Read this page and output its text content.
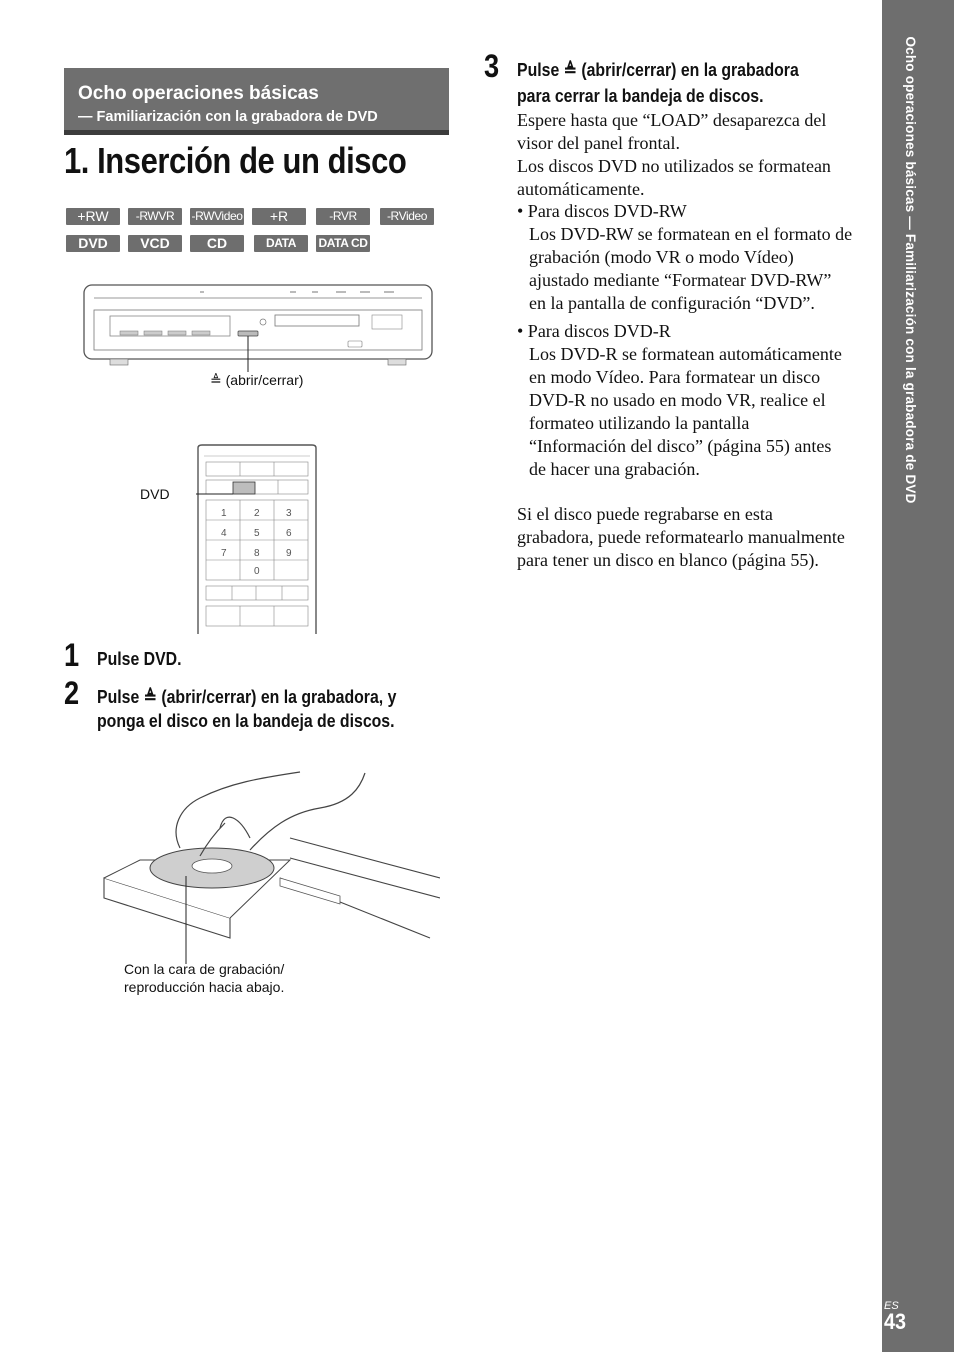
Ocho operaciones básicas
— Familiarización con la grabadora de DVD
1. Inserción de un disco
+RW	-RWVR	-RWVideo	+R	-RVR	-RVideo
DVD	VCD	CD	DATA DVD
DATA CD
≜ (abrir/cerrar)
1	2	3
4	5	6
7	8	9
0
DVD
1 Pulse DVD.
2 Pulse ≜ (abrir/cerrar) en la grabadora, y
ponga el disco en la bandeja de discos.
Con la cara de grabación/
reproducción hacia abajo.
3 Pulse ≜ (abrir/cerrar) en la grabadora
para cerrar la bandeja de discos.
Espere hasta que “LOAD” desaparezca del
visor del panel frontal.
Los discos DVD no utilizados se formatean
automáticamente.
• Para discos DVD-RW
Los DVD-RW se formatean en el formato de
grabación (modo VR o modo Vídeo)
ajustado mediante “Formatear DVD-RW”
en la pantalla de configuración “DVD”.
• Para discos DVD-R
Los DVD-R se formatean automáticamente
en modo Vídeo. Para formatear un disco
DVD-R no usado en modo VR, realice el
formateo utilizando la pantalla
“Información del disco” (página 55) antes
de hacer una grabación.
Si el disco puede regrabarse en esta
grabadora, puede reformatearlo manualmente
para tener un disco en blanco (página 55).
Ocho operaciones básicas — Familiarización con la grabadora de DVD
ES
43
